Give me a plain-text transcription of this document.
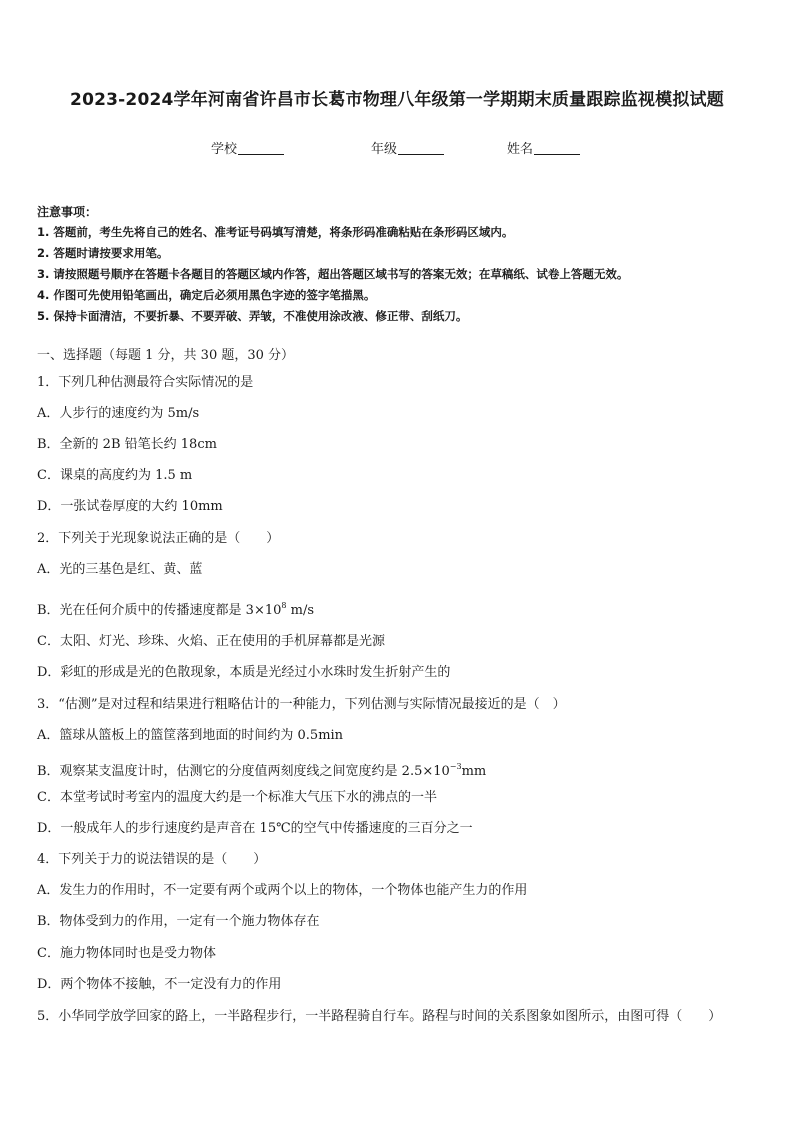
2023-2024学年河南省许昌市长葛市物理八年级第一学期期末质量跟踪监视模拟试题
学校	年级	姓名
注意事项：
1. 答题前，考生先将自己的姓名、准考证号码填写清楚，将条形码准确粘贴在条形码区域内。
2. 答题时请按要求用笔。
3. 请按照题号顺序在答题卡各题目的答题区域内作答，超出答题区域书写的答案无效；在草稿纸、试卷上答题无效。
4. 作图可先使用铅笔画出，确定后必须用黑色字迹的签字笔描黑。
5. 保持卡面清洁，不要折暴、不要弄破、弄皱，不准使用涂改液、修正带、刮纸刀。
一、选择题（每题 1 分，共 30 题，30 分）
1．下列几种估测最符合实际情况的是
A．人步行的速度约为 5m/s
B．全新的 2B 铅笔长约 18cm
C．课桌的高度约为 1.5 m
D．一张试卷厚度的大约 10mm
2．下列关于光现象说法正确的是（　　）
A．光的三基色是红、黄、蓝
B．光在任何介质中的传播速度都是 $3\times 10^8$ m/s
C．太阳、灯光、珍珠、火焰、正在使用的手机屏幕都是光源
D．彩虹的形成是光的色散现象，本质是光经过小水珠时发生折射产生的
3．“估测”是对过程和结果进行粗略估计的一种能力，下列估测与实际情况最接近的是（　）
A．篮球从篮板上的篮筐落到地面的时间约为 0.5min
B．观察某支温度计时，估测它的分度值两刻度线之间宽度约是 $2.5\times 10^{-3}mm$
C．本堂考试时考室内的温度大约是一个标准大气压下水的沸点的一半
D．一般成年人的步行速度约是声音在 15℃的空气中传播速度的三百分之一
4．下列关于力的说法错误的是（　　）
A．发生力的作用时，不一定要有两个或两个以上的物体，一个物体也能产生力的作用
B．物体受到力的作用，一定有一个施力物体存在
C．施力物体同时也是受力物体
D．两个物体不接触，不一定没有力的作用
5．小华同学放学回家的路上，一半路程步行，一半路程骑自行车。路程与时间的关系图象如图所示，由图可得（　　）
